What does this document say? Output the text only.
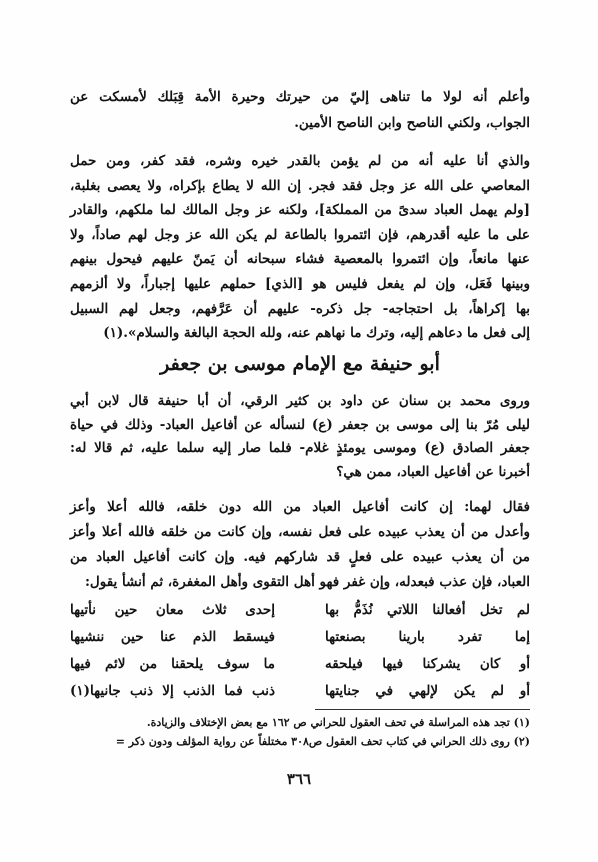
وأعلم أنه لولا ما تناهى إليّ من حيرتك وحيرة الأمة قِبَلك لأمسكت عن
الجواب، ولكني الناصح وابن الناصح الأمين.
والذي أنا عليه أنه من لم يؤمن بالقدر خيره وشره، فقد كفر، ومن حمل
المعاصي على الله عز وجل فقد فجر. إن الله لا يطاع بإكراه، ولا يعصى بغلبة،
[ولم يهمل العباد سدىً من المملكة]، ولكنه عز وجل المالك لما ملكهم، والقادر
على ما عليه أقدرهم، فإن ائتمروا بالطاعة لم يكن الله عز وجل لهم صاداً، ولا
عنها مانعاً، وإن ائتمروا بالمعصية فشاء سبحانه أن يَمنّ عليهم فيحول بينهم
وبينها فَعَل، وإن لم يفعل فليس هو [الذي] حملهم عليها إجباراً، ولا ألزمهم
بها إكراهاً، بل احتجاجه- جل ذكره- عليهم أن عَرَّفهم، وجعل لهم السبيل
إلى فعل ما دعاهم إليه، وترك ما نهاهم عنه، ولله الحجة البالغة والسلام».(١)
أبو حنيفة مع الإمام موسى بن جعفر
وروى محمد بن سنان عن داود بن كثير الرقي، أن أبا حنيفة قال لابن أبي
ليلى مُرّ بنا إلى موسى بن جعفر (ع) لنسأله عن أفاعيل العباد- وذلك في حياة
جعفر الصادق (ع) وموسى يومئذٍ غلام- فلما صار إليه سلما عليه، ثم قالا له:
أخبرنا عن أفاعيل العباد، ممن هي؟
فقال لهما: إن كانت أفاعيل العباد من الله دون خلقه، فالله أعلا وأعز
وأعدل من أن يعذب عبيده على فعل نفسه، وإن كانت من خلقه فالله أعلا وأعز
من أن يعذب عبيده على فعلٍ قد شاركهم فيه. وإن كانت أفاعيل العباد من
العباد، فإن عذب فبعدله، وإن غفر فهو أهل التقوى وأهل المغفرة، ثم أنشأ يقول:
لم تخل أفعالنا اللاتي نُذَمُّ بها
إحدى ثلاث معان حين نأتيها
إما تفرد بارينا بصنعتها
فيسقط الذم عنا حين ننشيها
أو كان يشركنا فيها فيلحقه
ما سوف يلحقنا من لائم فيها
أو لم يكن لإلهي في جنايتها
ذنب فما الذنب إلا ذنب جانيها(١)
(١) تجد هذه المراسلة في تحف العقول للحراني ص ١٦٢ مع بعض الإختلاف والزيادة.
(٢) روى ذلك الحراني في كتاب تحف العقول ص٣٠٨ مختلفاً عن رواية المؤلف ودون ذكر =
٣٦٦
